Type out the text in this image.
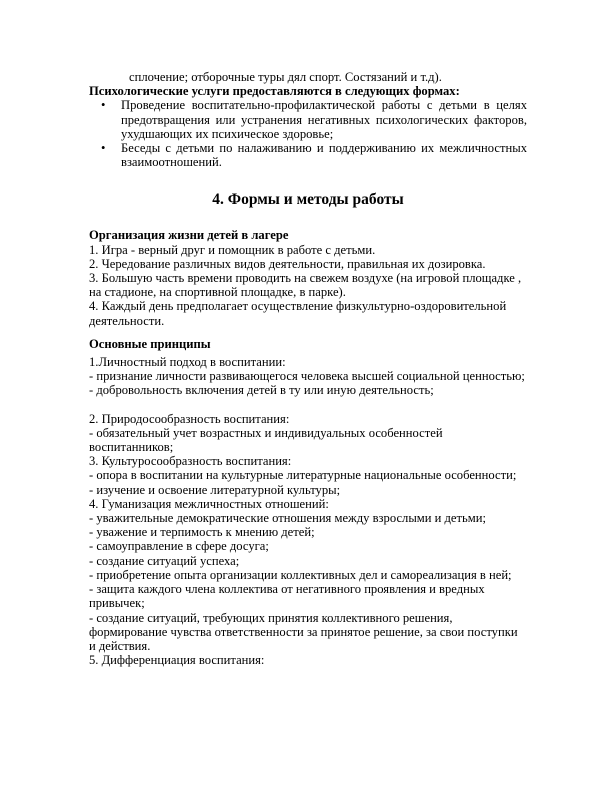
сплочение; отборочные туры дял спорт. Состязаний и т.д).

Психологические услуги предоставляются в следующих формах:

• Проведение воспитательно-профилактической работы с детьми в целях предотвращения или устранения негативных психологических факторов, ухудшающих их психическое здоровье;
• Беседы с детьми по налаживанию и поддерживанию их межличностных взаимоотношений.
4. Формы и методы работы

Организация жизни детей в лагере

1. Игра - верный друг и помощник в работе с детьми.

2. Чередование различных видов деятельности, правильная их дозировка.

3. Большую часть времени проводить на свежем воздухе (на игровой площадке , на стадионе, на спортивной площадке, в парке).

4. Каждый день предполагает осуществление физкультурно-оздоровительной деятельности.

Основные принципы

1.Личностный подход в воспитании:

- признание личности развивающегося человека высшей социальной ценностью;

- добровольность включения детей в ту или иную деятельность;

2. Природосообразность воспитания:

- обязательный учет возрастных и индивидуальных особенностей воспитанников;

3. Культуросообразность воспитания:

- опора в воспитании на культурные литературные национальные особенности;

- изучение и освоение литературной культуры;

4. Гуманизация межличностных отношений:

- уважительные демократические отношения между взрослыми и детьми;

- уважение и терпимость к мнению детей;

- самоуправление в сфере досуга;

- создание ситуаций успеха;

- приобретение опыта организации коллективных дел и самореализация в ней;

- защита каждого члена коллектива от негативного проявления и вредных привычек;

- создание ситуаций, требующих принятия коллективного решения, формирование чувства ответственности за принятое решение, за свои поступки и действия.

5. Дифференциация воспитания:
